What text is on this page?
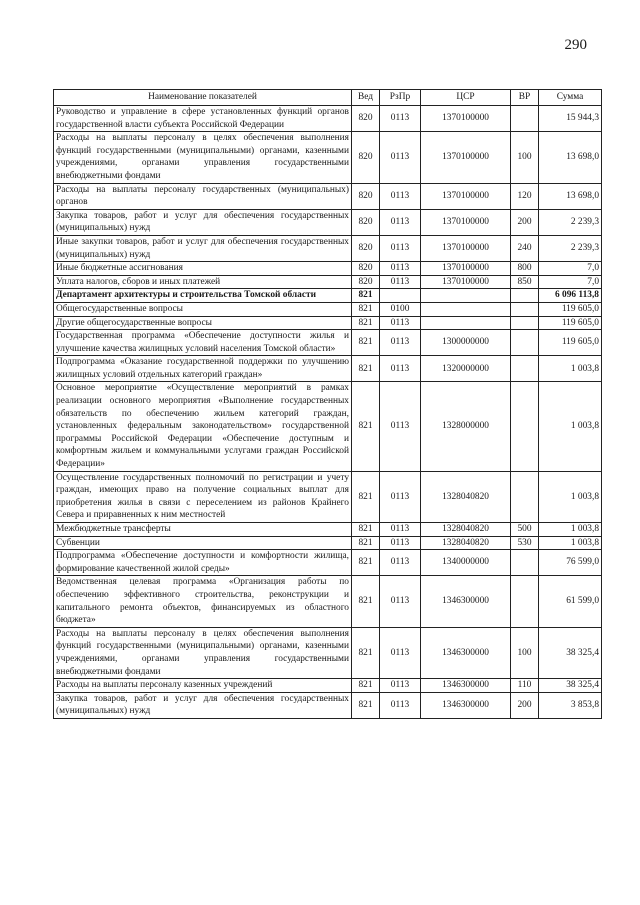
290
Наименование показателей	Вед	РзПр	ЦСР	ВР	Сумма
Руководство и управление в сфере установленных функций органов государственной власти субъекта Российской Федерации	820	0113	1370100000		15 944,3
Расходы на выплаты персоналу в целях обеспечения выполнения функций государственными (муниципальными) органами, казенными учреждениями, органами управления государственными внебюджетными фондами	820	0113	1370100000	100	13 698,0
Расходы на выплаты персоналу государственных (муниципальных) органов	820	0113	1370100000	120	13 698,0
Закупка товаров, работ и услуг для обеспечения государственных (муниципальных) нужд	820	0113	1370100000	200	2 239,3
Иные закупки товаров, работ и услуг для обеспечения государственных (муниципальных) нужд	820	0113	1370100000	240	2 239,3
Иные бюджетные ассигнования	820	0113	1370100000	800	7,0
Уплата налогов, сборов и иных платежей	820	0113	1370100000	850	7,0
Департамент архитектуры и строительства Томской области	821				6 096 113,8
Общегосударственные вопросы	821	0100			119 605,0
Другие общегосударственные вопросы	821	0113			119 605,0
Государственная программа «Обеспечение доступности жилья и улучшение качества жилищных условий населения Томской области»	821	0113	1300000000		119 605,0
Подпрограмма «Оказание государственной поддержки по улучшению жилищных условий отдельных категорий граждан»	821	0113	1320000000		1 003,8
Основное мероприятие «Осуществление мероприятий в рамках реализации основного мероприятия «Выполнение государственных обязательств по обеспечению жильем категорий граждан, установленных федеральным законодательством» государственной программы Российской Федерации «Обеспечение доступным и комфортным жильем и коммунальными услугами граждан Российской Федерации»	821	0113	1328000000		1 003,8
Осуществление государственных полномочий по регистрации и учету граждан, имеющих право на получение социальных выплат для приобретения жилья в связи с переселением из районов Крайнего Севера и приравненных к ним местностей	821	0113	1328040820		1 003,8
Межбюджетные трансферты	821	0113	1328040820	500	1 003,8
Субвенции	821	0113	1328040820	530	1 003,8
Подпрограмма «Обеспечение доступности и комфортности жилища, формирование качественной жилой среды»	821	0113	1340000000		76 599,0
Ведомственная целевая программа «Организация работы по обеспечению эффективного строительства, реконструкции и капитального ремонта объектов, финансируемых из областного бюджета»	821	0113	1346300000		61 599,0
Расходы на выплаты персоналу в целях обеспечения выполнения функций государственными (муниципальными) органами, казенными учреждениями, органами управления государственными внебюджетными фондами	821	0113	1346300000	100	38 325,4
Расходы на выплаты персоналу казенных учреждений	821	0113	1346300000	110	38 325,4
Закупка товаров, работ и услуг для обеспечения государственных (муниципальных) нужд	821	0113	1346300000	200	3 853,8
